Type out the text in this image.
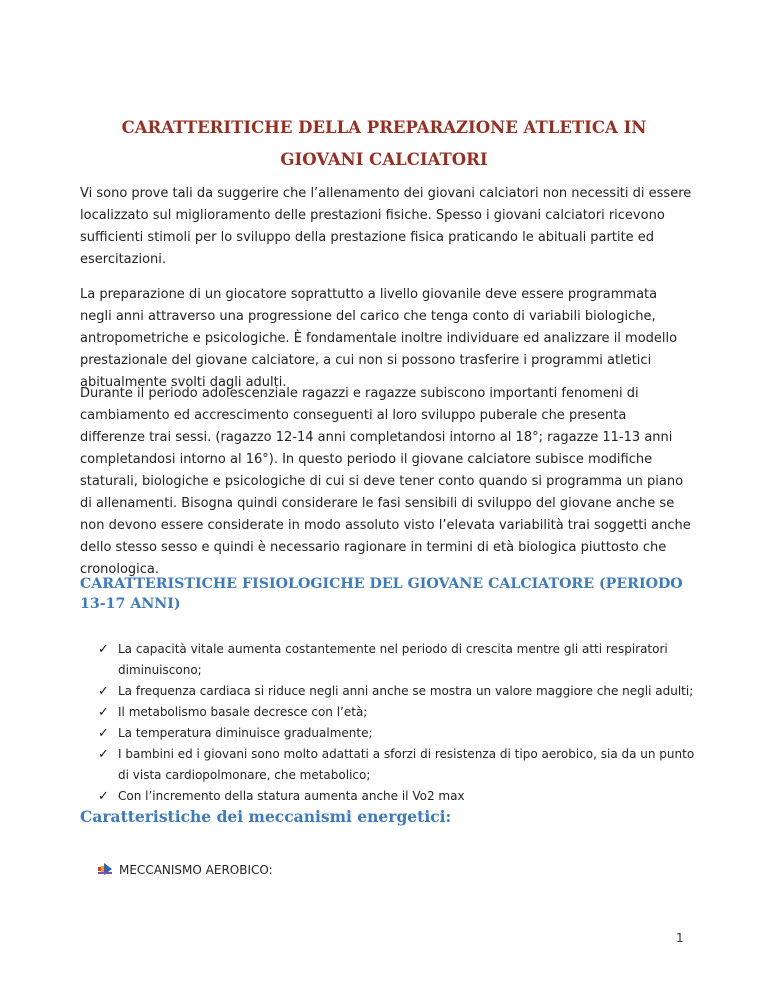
CARATTERITICHE DELLA PREPARAZIONE ATLETICA IN GIOVANI CALCIATORI

Vi sono prove tali da suggerire che l’allenamento dei giovani calciatori non necessiti di essere localizzato sul miglioramento delle prestazioni fisiche. Spesso i giovani calciatori ricevono sufficienti stimoli per lo sviluppo della prestazione fisica praticando le abituali partite ed esercitazioni.

La preparazione di un giocatore soprattutto a livello giovanile deve essere programmata negli anni attraverso una progressione del carico che tenga conto di variabili biologiche, antropometriche e psicologiche. È fondamentale inoltre individuare ed analizzare il modello prestazionale del giovane calciatore, a cui non si possono trasferire i programmi atletici abitualmente svolti dagli adulti.

Durante il periodo adolescenziale ragazzi e ragazze subiscono importanti fenomeni di cambiamento ed accrescimento conseguenti al loro sviluppo puberale che presenta differenze trai sessi. (ragazzo 12-14 anni completandosi intorno al 18°; ragazze 11-13 anni completandosi intorno al 16°). In questo periodo il giovane calciatore subisce modifiche staturali, biologiche e psicologiche di cui si deve tener conto quando si programma un piano di allenamenti. Bisogna quindi considerare le fasi sensibili di sviluppo del giovane anche se non devono essere considerate in modo assoluto visto l’elevata variabilità trai soggetti anche dello stesso sesso e quindi è necessario ragionare in termini di età biologica piuttosto che cronologica.

CARATTERISTICHE FISIOLOGICHE DEL GIOVANE CALCIATORE (PERIODO 13-17 ANNI)
✓ La capacità vitale aumenta costantemente nel periodo di crescita mentre gli atti respiratori diminuiscono;
✓ La frequenza cardiaca si riduce negli anni anche se mostra un valore maggiore che negli adulti;
✓ Il metabolismo basale decresce con l’età;
✓ La temperatura diminuisce gradualmente;
✓ I bambini ed i giovani sono molto adattati a sforzi di resistenza di tipo aerobico, sia da un punto di vista cardiopolmonare, che metabolico;
✓ Con l’incremento della statura aumenta anche il Vo2 max
Caratteristiche dei meccanismi energetici:
MECCANISMO AEROBICO:
1
